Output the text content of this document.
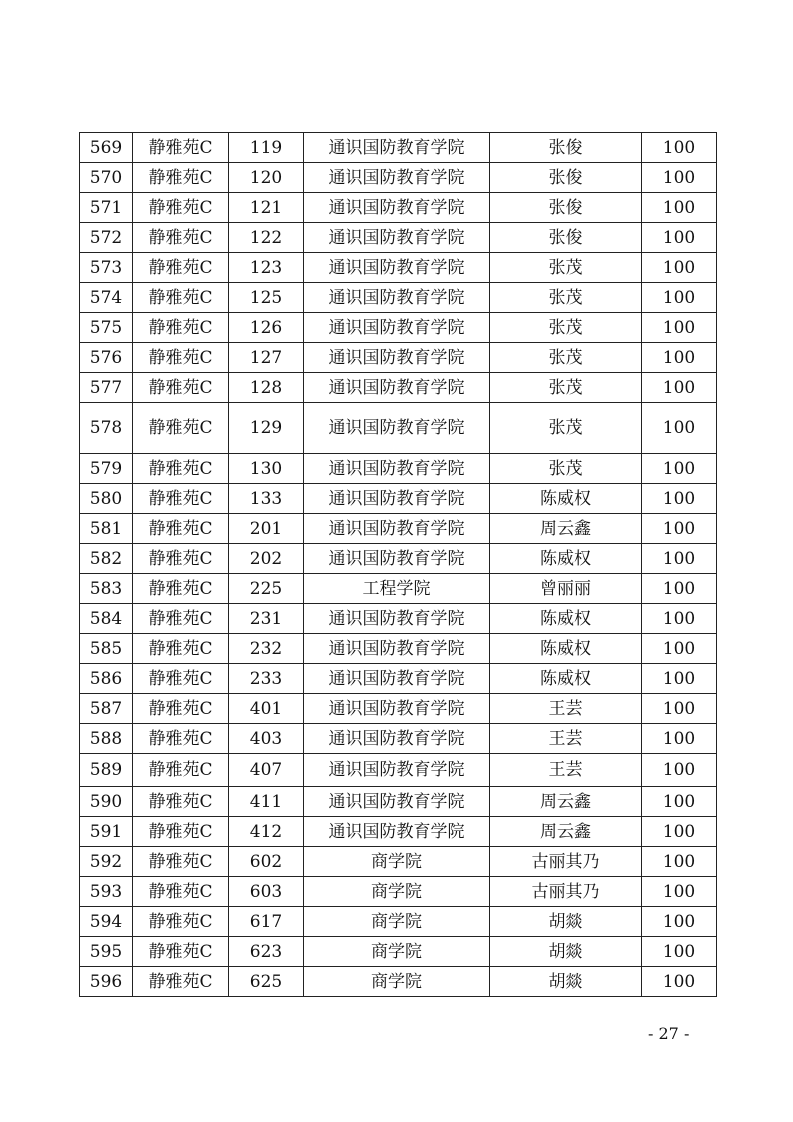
569	静雅苑C	119	通识国防教育学院	张俊	100
570	静雅苑C	120	通识国防教育学院	张俊	100
571	静雅苑C	121	通识国防教育学院	张俊	100
572	静雅苑C	122	通识国防教育学院	张俊	100
573	静雅苑C	123	通识国防教育学院	张茂	100
574	静雅苑C	125	通识国防教育学院	张茂	100
575	静雅苑C	126	通识国防教育学院	张茂	100
576	静雅苑C	127	通识国防教育学院	张茂	100
577	静雅苑C	128	通识国防教育学院	张茂	100
578	静雅苑C	129	通识国防教育学院	张茂	100
579	静雅苑C	130	通识国防教育学院	张茂	100
580	静雅苑C	133	通识国防教育学院	陈威权	100
581	静雅苑C	201	通识国防教育学院	周云鑫	100
582	静雅苑C	202	通识国防教育学院	陈威权	100
583	静雅苑C	225	工程学院	曾丽丽	100
584	静雅苑C	231	通识国防教育学院	陈威权	100
585	静雅苑C	232	通识国防教育学院	陈威权	100
586	静雅苑C	233	通识国防教育学院	陈威权	100
587	静雅苑C	401	通识国防教育学院	王芸	100
588	静雅苑C	403	通识国防教育学院	王芸	100
589	静雅苑C	407	通识国防教育学院	王芸	100
590	静雅苑C	411	通识国防教育学院	周云鑫	100
591	静雅苑C	412	通识国防教育学院	周云鑫	100
592	静雅苑C	602	商学院	古丽其乃	100
593	静雅苑C	603	商学院	古丽其乃	100
594	静雅苑C	617	商学院	胡燚	100
595	静雅苑C	623	商学院	胡燚	100
596	静雅苑C	625	商学院	胡燚	100
- 27 -
